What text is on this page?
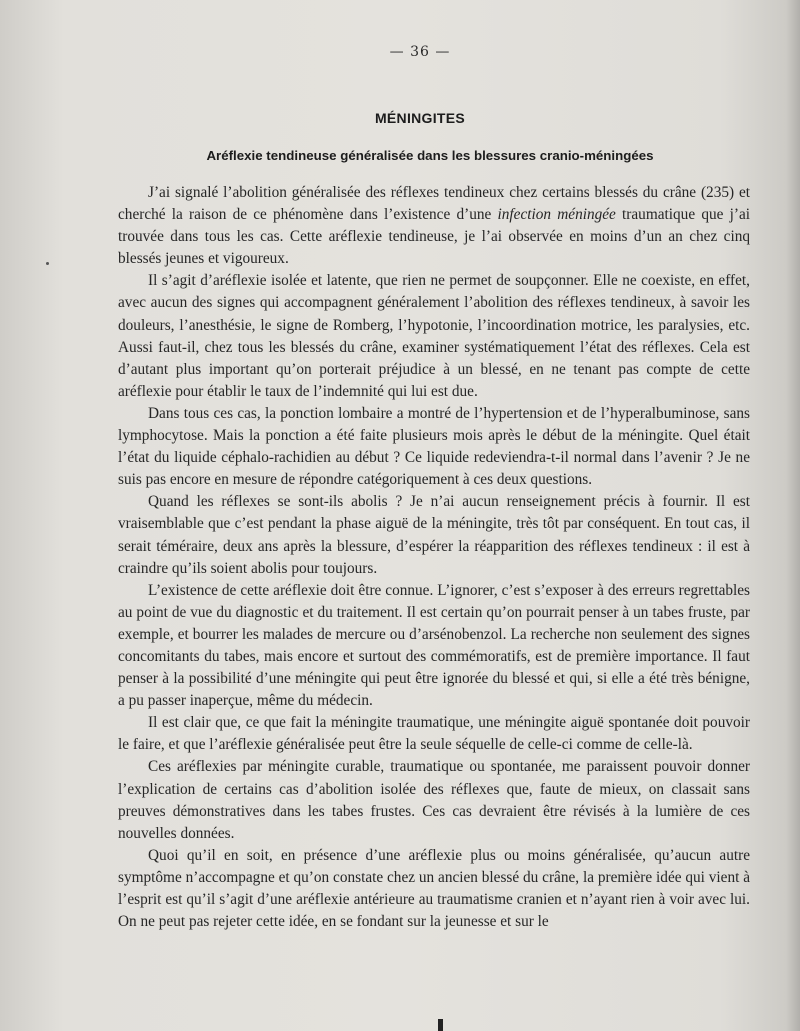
— 36 —
MÉNINGITES
Aréflexie tendineuse généralisée dans les blessures cranio-méningées

J’ai signalé l’abolition généralisée des réflexes tendineux chez certains blessés du crâne (235) et cherché la raison de ce phénomène dans l’existence d’une infection méningée traumatique que j’ai trouvée dans tous les cas. Cette aréflexie tendineuse, je l’ai observée en moins d’un an chez cinq blessés jeunes et vigoureux.

Il s’agit d’aréflexie isolée et latente, que rien ne permet de soupçonner. Elle ne coexiste, en effet, avec aucun des signes qui accompagnent généralement l’abolition des réflexes tendineux, à savoir les douleurs, l’anesthésie, le signe de Romberg, l’hypotonie, l’incoordination motrice, les paralysies, etc. Aussi faut-il, chez tous les blessés du crâne, examiner systématiquement l’état des réflexes. Cela est d’autant plus important qu’on porterait préjudice à un blessé, en ne tenant pas compte de cette aréflexie pour établir le taux de l’indemnité qui lui est due.

Dans tous ces cas, la ponction lombaire a montré de l’hypertension et de l’hyperalbuminose, sans lymphocytose. Mais la ponction a été faite plusieurs mois après le début de la méningite. Quel était l’état du liquide céphalo-rachidien au début ? Ce liquide redeviendra-t-il normal dans l’avenir ? Je ne suis pas encore en mesure de répondre catégoriquement à ces deux questions.

Quand les réflexes se sont-ils abolis ? Je n’ai aucun renseignement précis à fournir. Il est vraisemblable que c’est pendant la phase aiguë de la méningite, très tôt par conséquent. En tout cas, il serait téméraire, deux ans après la blessure, d’espérer la réapparition des réflexes tendineux : il est à craindre qu’ils soient abolis pour toujours.

L’existence de cette aréflexie doit être connue. L’ignorer, c’est s’exposer à des erreurs regrettables au point de vue du diagnostic et du traitement. Il est certain qu’on pourrait penser à un tabes fruste, par exemple, et bourrer les malades de mercure ou d’arsénobenzol. La recherche non seulement des signes concomitants du tabes, mais encore et surtout des commémoratifs, est de première importance. Il faut penser à la possibilité d’une méningite qui peut être ignorée du blessé et qui, si elle a été très bénigne, a pu passer inaperçue, même du médecin.

Il est clair que, ce que fait la méningite traumatique, une méningite aiguë spontanée doit pouvoir le faire, et que l’aréflexie généralisée peut être la seule séquelle de celle-ci comme de celle-là.

Ces aréflexies par méningite curable, traumatique ou spontanée, me paraissent pouvoir donner l’explication de certains cas d’abolition isolée des réflexes que, faute de mieux, on classait sans preuves démonstratives dans les tabes frustes. Ces cas devraient être révisés à la lumière de ces nouvelles données.

Quoi qu’il en soit, en présence d’une aréflexie plus ou moins généralisée, qu’aucun autre symptôme n’accompagne et qu’on constate chez un ancien blessé du crâne, la première idée qui vient à l’esprit est qu’il s’agit d’une aréflexie antérieure au traumatisme cranien et n’ayant rien à voir avec lui. On ne peut pas rejeter cette idée, en se fondant sur la jeunesse et sur le
